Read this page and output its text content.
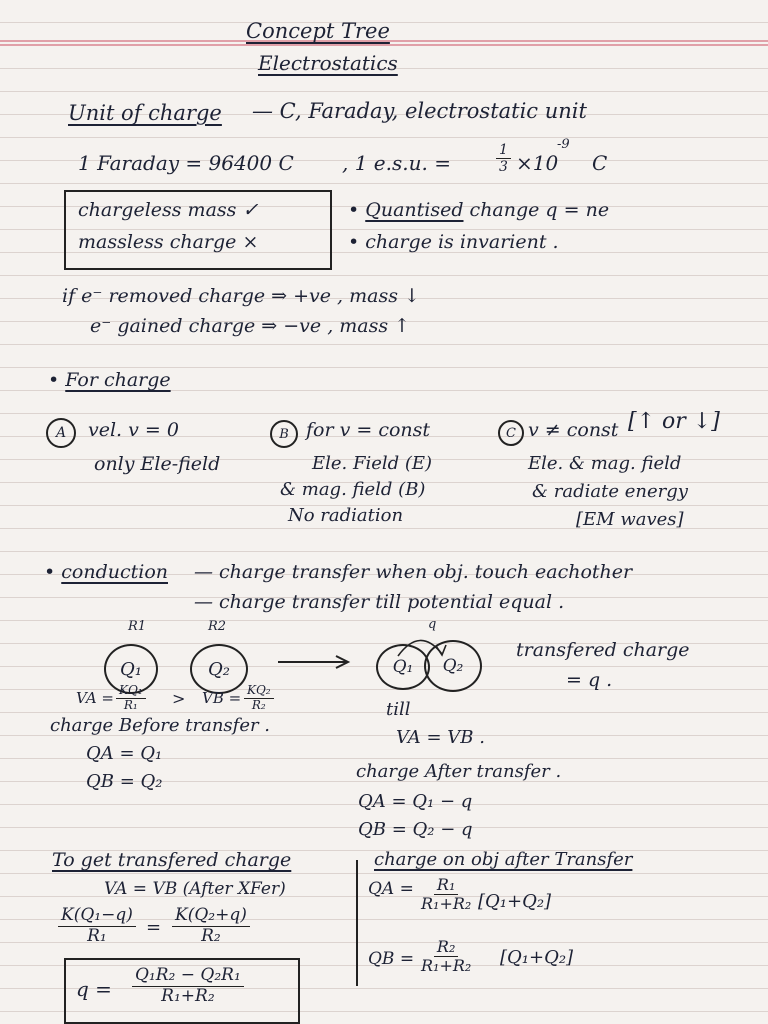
Concept Tree
Electrostatics
Unit of charge — C, Faraday, electrostatic unit
1 Faraday = 96400 C , 1 e.s.u. =	$\frac{1}{3} \times 10$
-9
C
chargeless mass ✓
massless charge ×
• Quantised change q = ne
• charge is invarient .
if e⁻ removed charge ⇒ +ve , mass ↓
e⁻ gained charge ⇒ −ve , mass ↑
• For charge
A	vel. v = 0
only Ele-field
B for v = const
Ele. Field (E)
& mag. field (B)
No radiation
C v ≠ const [↑ or ↓]
Ele. & mag. field
& radiate energy
[EM waves]
• conduction — charge transfer when obj. touch eachother
— charge transfer till potential equal .
R1	R2
Q₁	Q₂
q
Q₁	Q₂
transfered charge
= q .
VA = $\frac{\text{KQ₁}}{\text{R₁}}$ > VB = $\frac{\text{KQ₂}}{\text{R₂}}$
charge Before transfer .
QA = Q₁
QB = Q₂
till
VA = VB .
charge After transfer .
QA = Q₁ − q
QB = Q₂ − q
To get transfered charge
VA = VB (After XFer)
$\frac{\text{K(Q₁−q)}}{\text{R₁}} = \frac{\text{K(Q₂+q)}}{\text{R₂}}$
$q = \frac{\text{Q₁R₂ − Q₂R₁}}{\text{R₁+R₂}}$
charge on obj after Transfer
QA = $\frac{\text{R₁}}{\text{R₁+R₂}} [Q_1+Q_2]$
QB = $\frac{\text{R₂}}{\text{R₁+R₂}} [Q_1+Q_2]$
